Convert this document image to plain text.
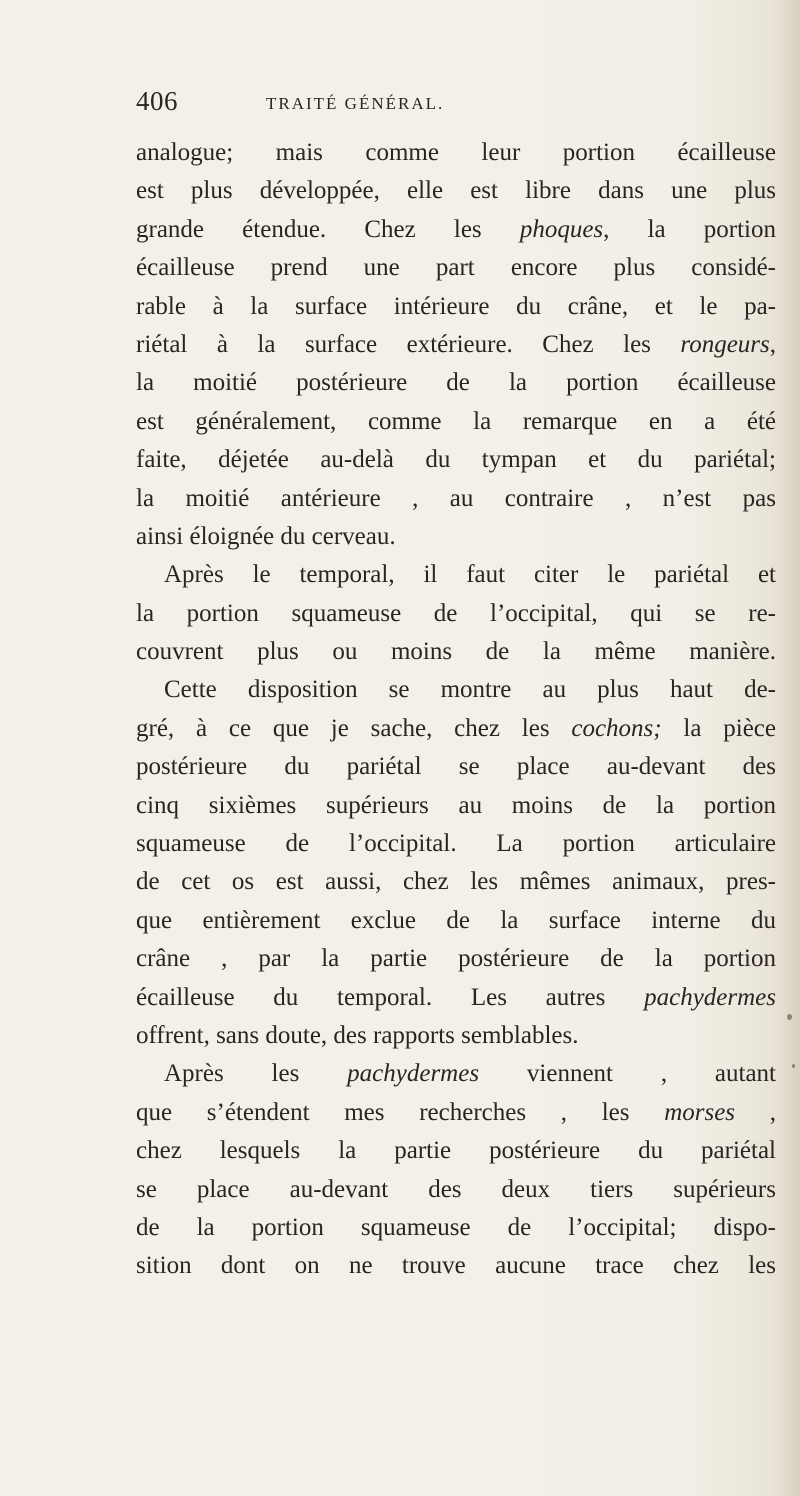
406	TRAITÉ GÉNÉRAL.
analogue; mais comme leur portion écailleuse
est plus développée, elle est libre dans une plus
grande étendue. Chez les phoques, la portion
écailleuse prend une part encore plus considé-
rable à la surface intérieure du crâne, et le pa-
riétal à la surface extérieure. Chez les rongeurs,
la moitié postérieure de la portion écailleuse
est généralement, comme la remarque en a été
faite, déjetée au-delà du tympan et du pariétal;
la moitié antérieure , au contraire , n’est pas
ainsi éloignée du cerveau.
Après le temporal, il faut citer le pariétal et
la portion squameuse de l’occipital, qui se re-
couvrent plus ou moins de la même manière.
Cette disposition se montre au plus haut de-
gré, à ce que je sache, chez les cochons; la pièce
postérieure du pariétal se place au-devant des
cinq sixièmes supérieurs au moins de la portion
squameuse de l’occipital. La portion articulaire
de cet os est aussi, chez les mêmes animaux, pres-
que entièrement exclue de la surface interne du
crâne , par la partie postérieure de la portion
écailleuse du temporal. Les autres pachydermes
offrent, sans doute, des rapports semblables.
Après les pachydermes viennent , autant
que s’étendent mes recherches , les morses ,
chez lesquels la partie postérieure du pariétal
se place au-devant des deux tiers supérieurs
de la portion squameuse de l’occipital; dispo-
sition dont on ne trouve aucune trace chez les
